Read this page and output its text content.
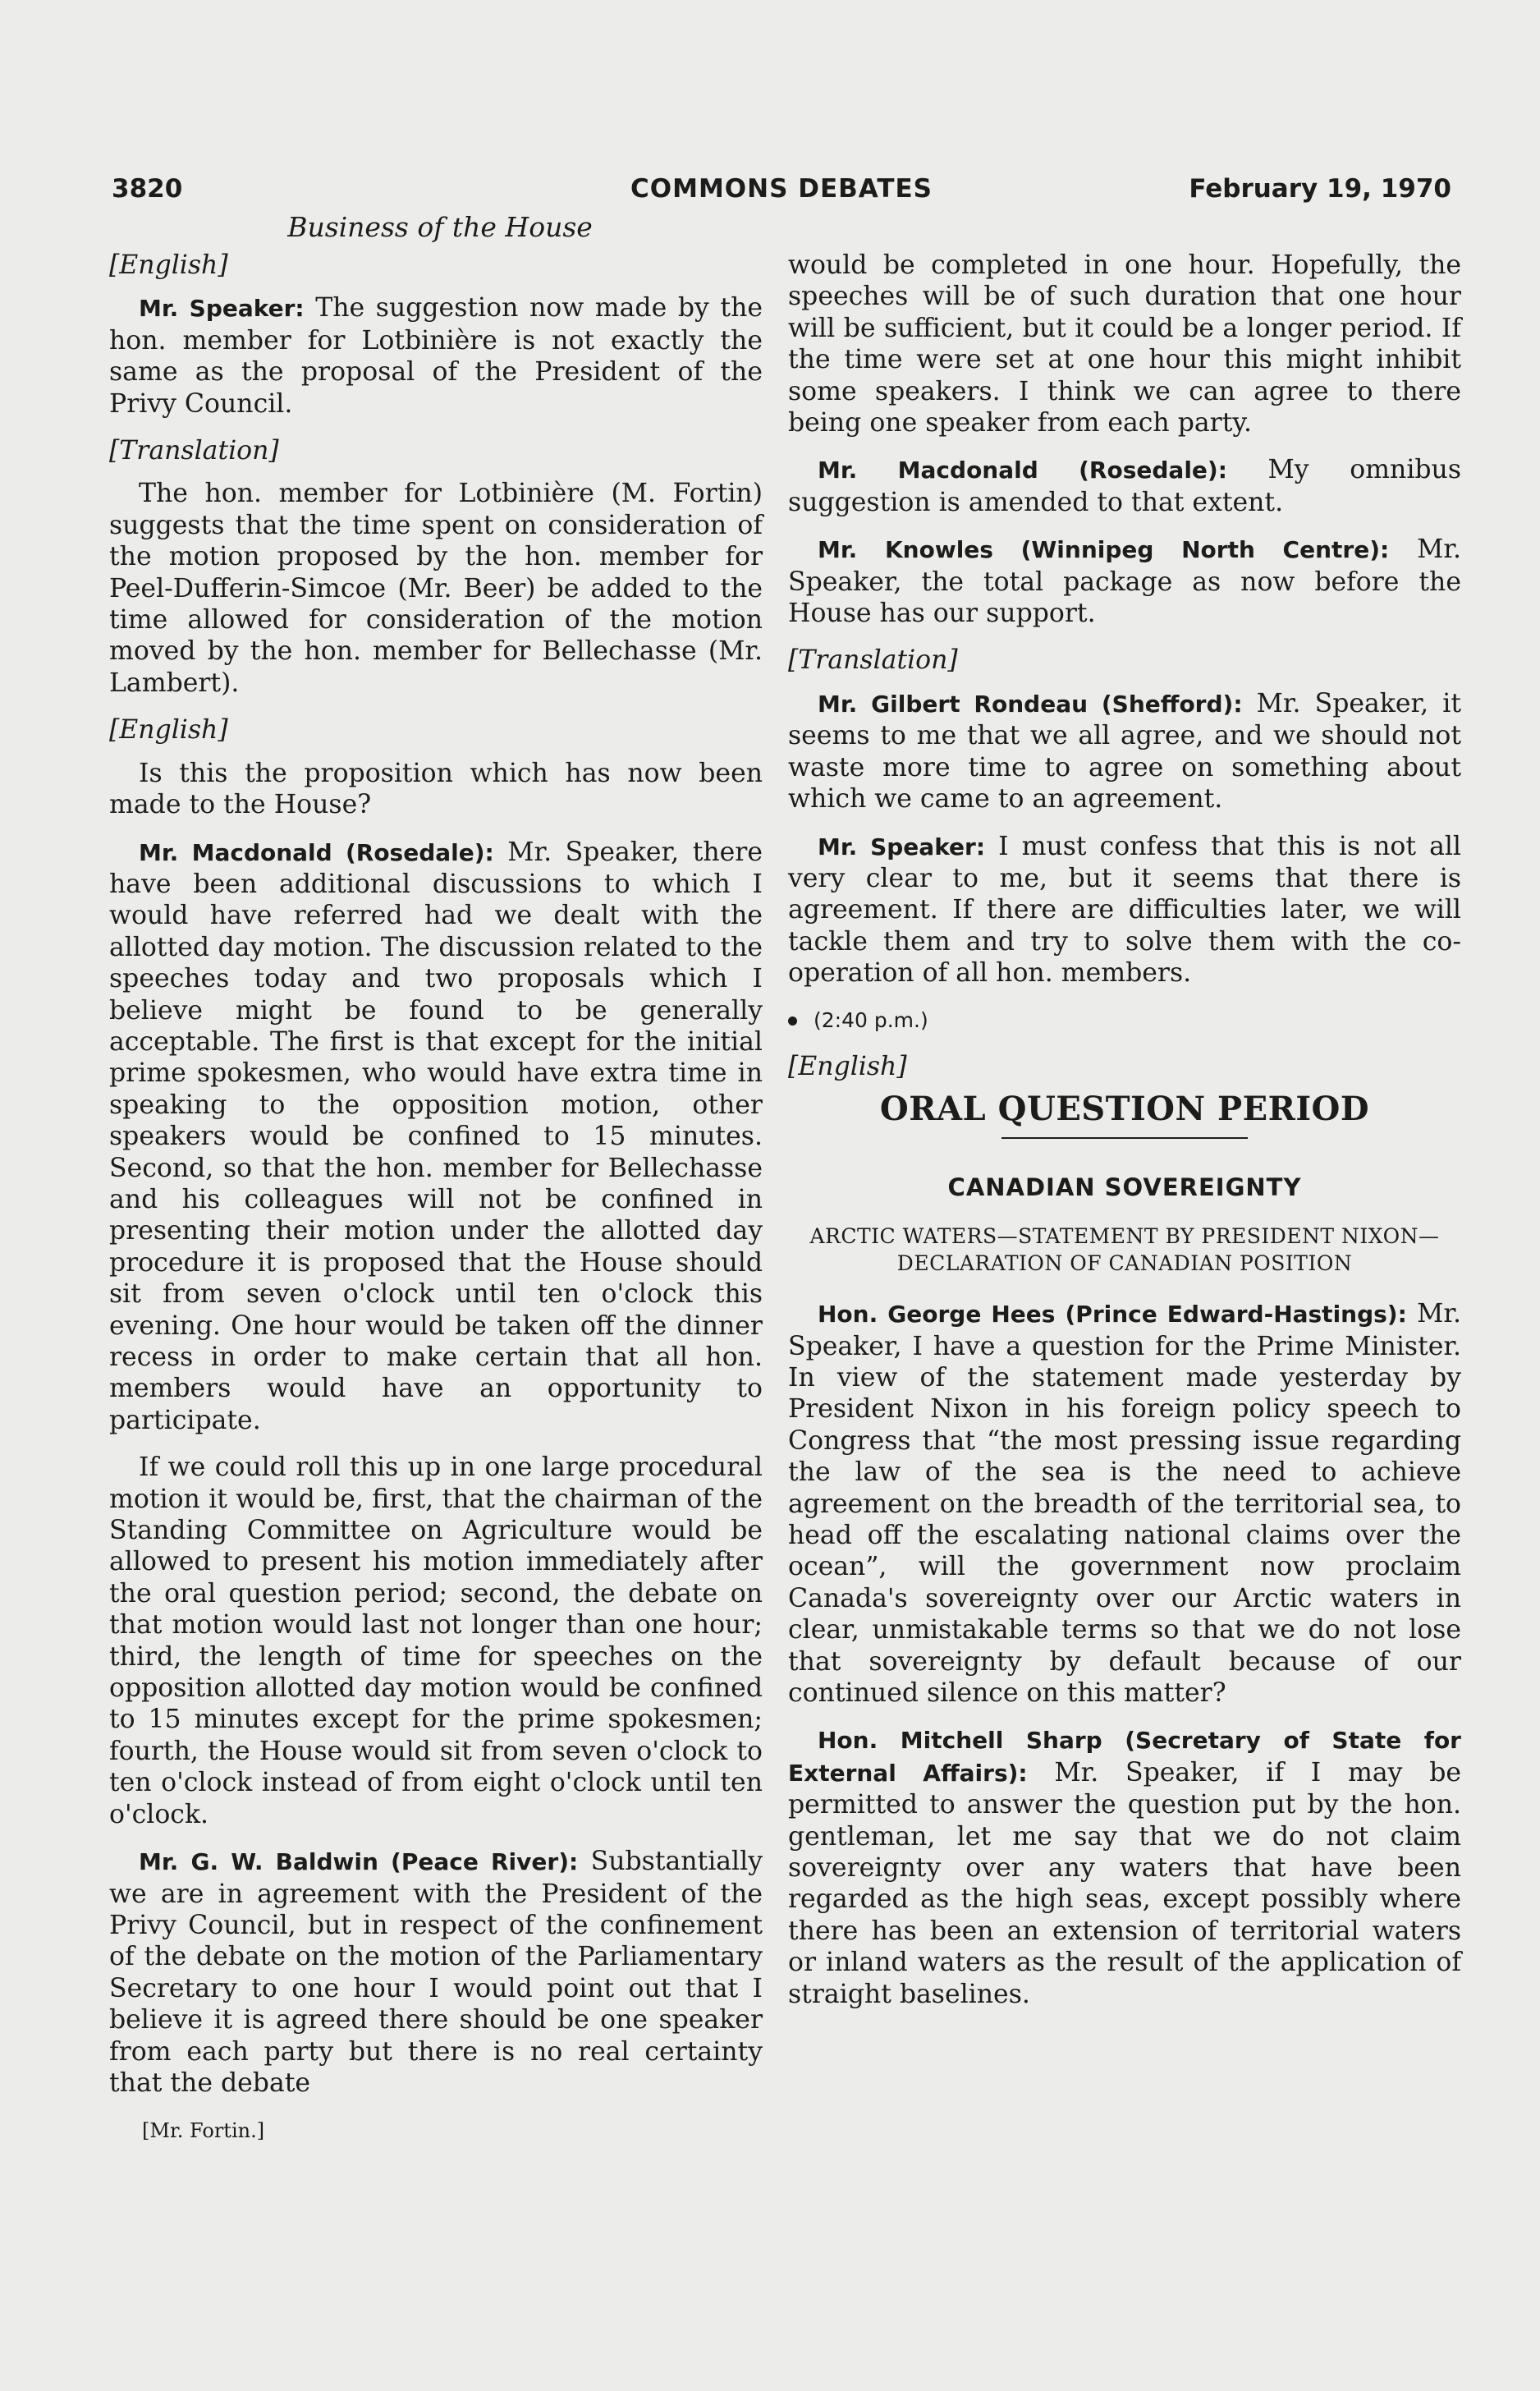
3820	COMMONS DEBATES	February 19, 1970
Business of the House
[English]

Mr. Speaker: The suggestion now made by the hon. member for Lotbinière is not exactly the same as the proposal of the President of the Privy Council.

[Translation]

The hon. member for Lotbinière (M. Fortin) suggests that the time spent on consideration of the motion proposed by the hon. member for Peel-Dufferin-Simcoe (Mr. Beer) be added to the time allowed for consideration of the motion moved by the hon. member for Bellechasse (Mr. Lambert).

[English]

Is this the proposition which has now been made to the House?

Mr. Macdonald (Rosedale): Mr. Speaker, there have been additional discussions to which I would have referred had we dealt with the allotted day motion. The discussion related to the speeches today and two proposals which I believe might be found to be generally acceptable. The first is that except for the initial prime spokesmen, who would have extra time in speaking to the opposition motion, other speakers would be confined to 15 minutes. Second, so that the hon. member for Bellechasse and his colleagues will not be confined in presenting their motion under the allotted day procedure it is proposed that the House should sit from seven o'clock until ten o'clock this evening. One hour would be taken off the dinner recess in order to make certain that all hon. members would have an opportunity to participate.

If we could roll this up in one large procedural motion it would be, first, that the chairman of the Standing Committee on Agriculture would be allowed to present his motion immediately after the oral question period; second, the debate on that motion would last not longer than one hour; third, the length of time for speeches on the opposition allotted day motion would be confined to 15 minutes except for the prime spokesmen; fourth, the House would sit from seven o'clock to ten o'clock instead of from eight o'clock until ten o'clock.

Mr. G. W. Baldwin (Peace River): Substantially we are in agreement with the President of the Privy Council, but in respect of the confinement of the debate on the motion of the Parliamentary Secretary to one hour I would point out that I believe it is agreed there should be one speaker from each party but there is no real certainty that the debate

[Mr. Fortin.]

would be completed in one hour. Hopefully, the speeches will be of such duration that one hour will be sufficient, but it could be a longer period. If the time were set at one hour this might inhibit some speakers. I think we can agree to there being one speaker from each party.

Mr. Macdonald (Rosedale): My omnibus suggestion is amended to that extent.

Mr. Knowles (Winnipeg North Centre): Mr. Speaker, the total package as now before the House has our support.

[Translation]

Mr. Gilbert Rondeau (Shefford): Mr. Speaker, it seems to me that we all agree, and we should not waste more time to agree on something about which we came to an agreement.

Mr. Speaker: I must confess that this is not all very clear to me, but it seems that there is agreement. If there are difficulties later, we will tackle them and try to solve them with the co-operation of all hon. members.

(2:40 p.m.)
[English]
ORAL QUESTION PERIOD
CANADIAN SOVEREIGNTY
ARCTIC WATERS—STATEMENT BY PRESIDENT NIXON—DECLARATION OF CANADIAN POSITION

Hon. George Hees (Prince Edward-Hastings): Mr. Speaker, I have a question for the Prime Minister. In view of the statement made yesterday by President Nixon in his foreign policy speech to Congress that “the most pressing issue regarding the law of the sea is the need to achieve agreement on the breadth of the territorial sea, to head off the escalating national claims over the ocean”, will the government now proclaim Canada's sovereignty over our Arctic waters in clear, unmistakable terms so that we do not lose that sovereignty by default because of our continued silence on this matter?

Hon. Mitchell Sharp (Secretary of State for External Affairs): Mr. Speaker, if I may be permitted to answer the question put by the hon. gentleman, let me say that we do not claim sovereignty over any waters that have been regarded as the high seas, except possibly where there has been an extension of territorial waters or inland waters as the result of the application of straight baselines.
